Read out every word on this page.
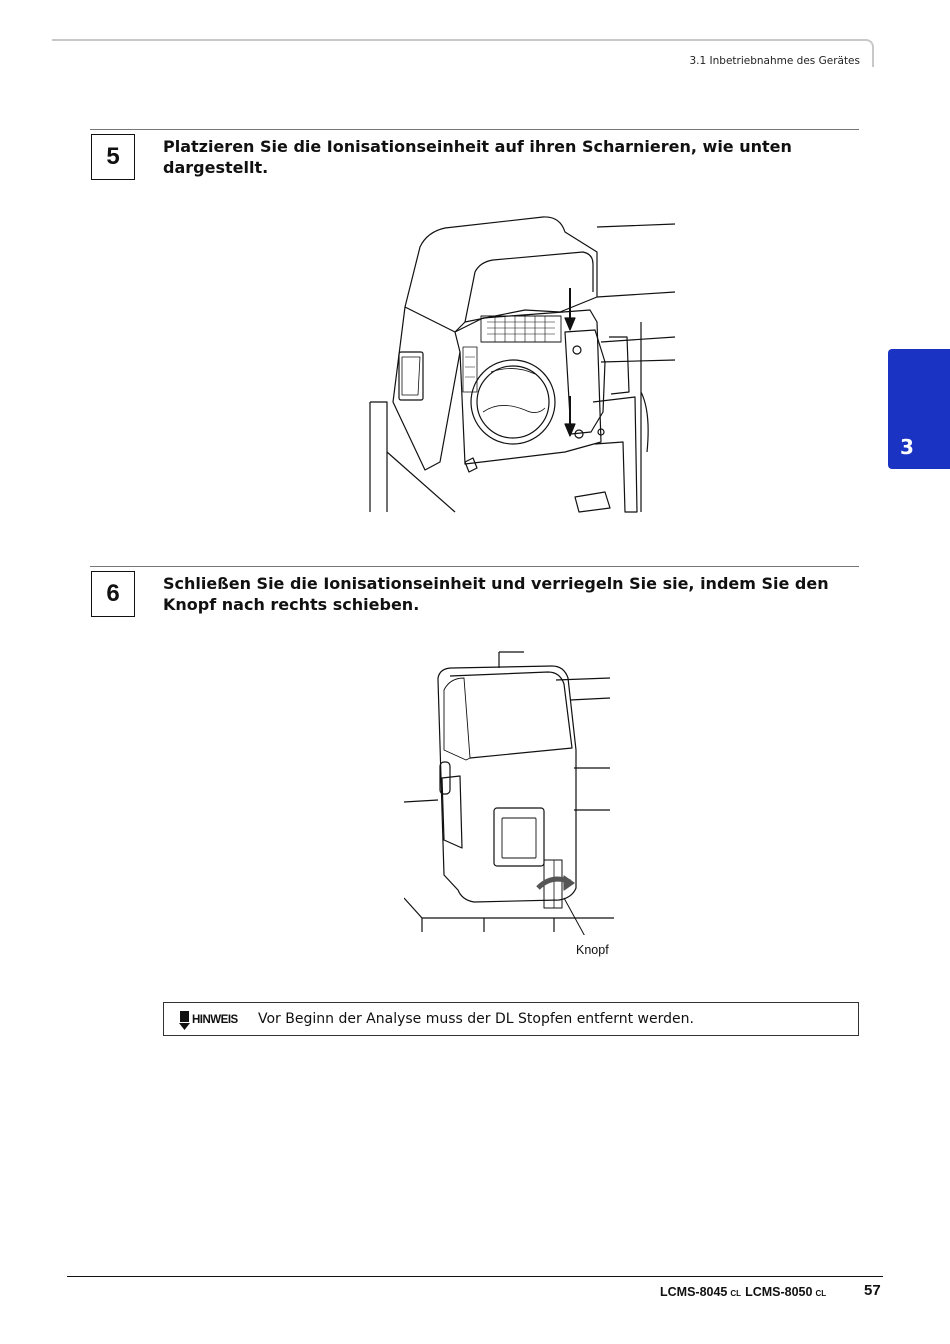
3.1 Inbetriebnahme des Gerätes
3
5	Platzieren Sie die Ionisationseinheit auf ihren Scharnieren, wie unten dargestellt.
6	Schließen Sie die Ionisationseinheit und verriegeln Sie sie, indem Sie den Knopf nach rechts schieben.
Knopf
HINWEIS Vor Beginn der Analyse muss der DL Stopfen entfernt werden.
LCMS-8045 CL LCMS-8050 CL	57
